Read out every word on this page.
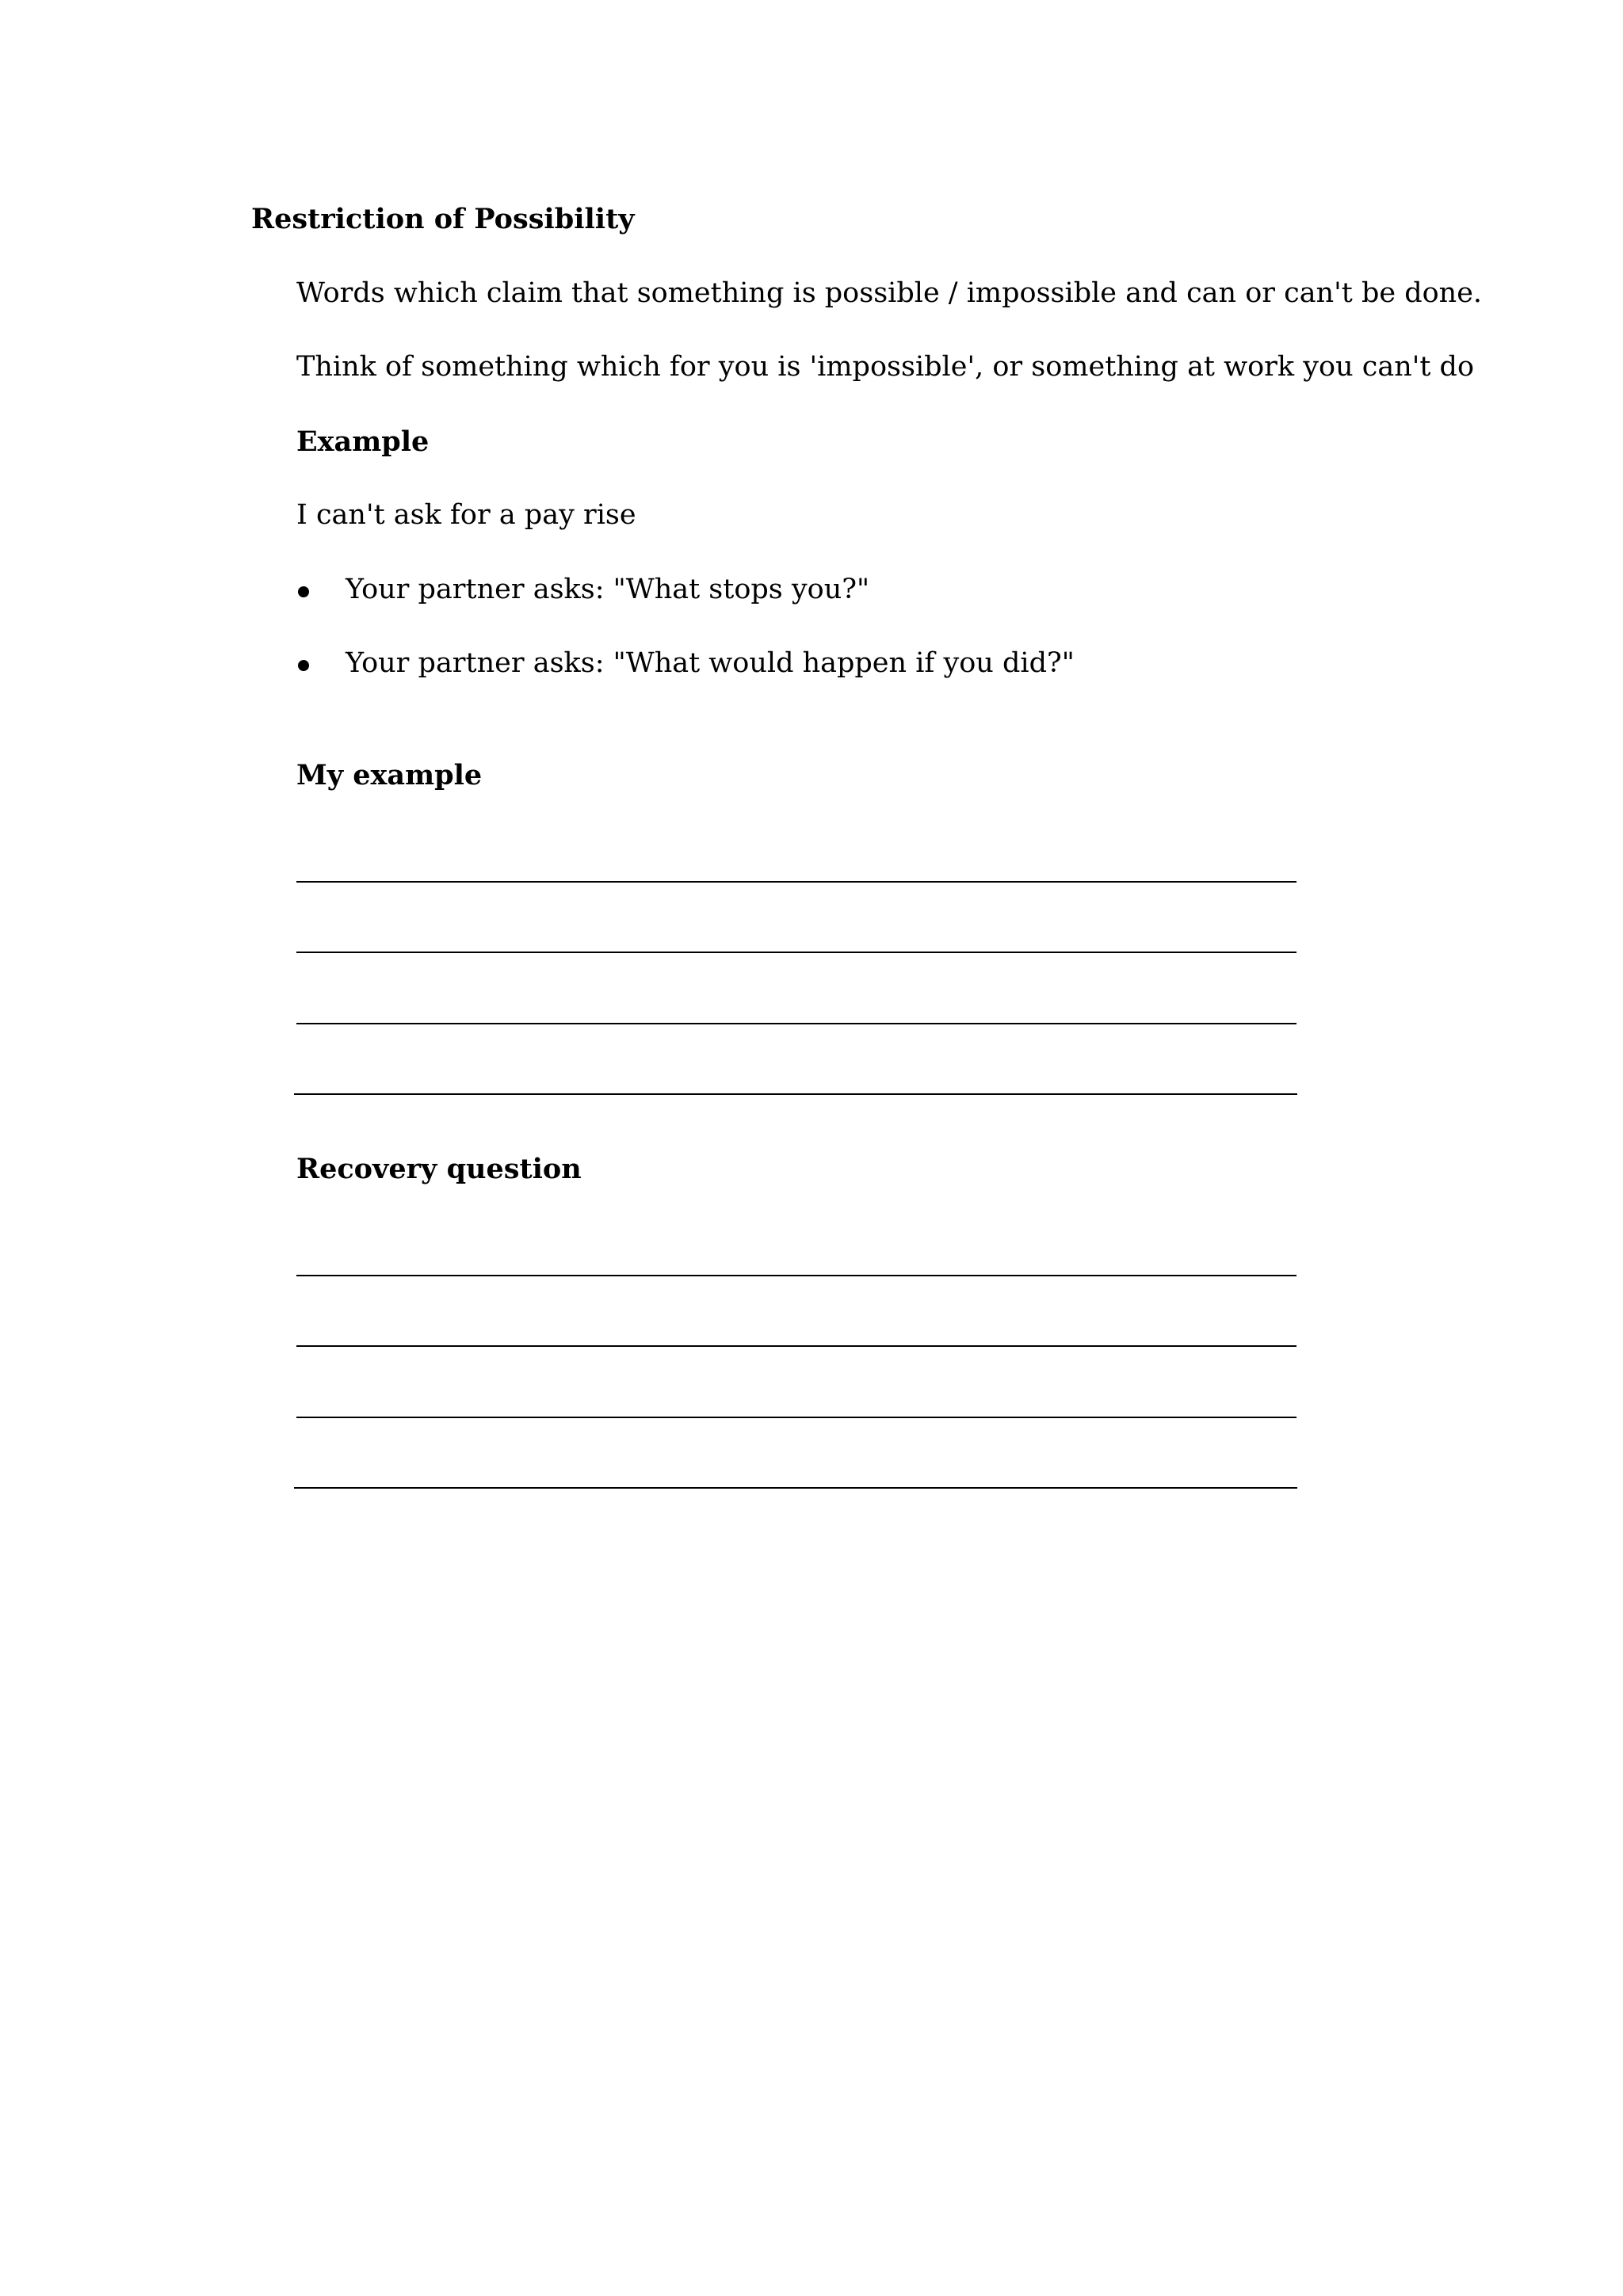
Restriction of Possibility
Words which claim that something is possible / impossible and can or can't be done.
Think of something which for you is 'impossible', or something at work you can't do
Example
I can't ask for a pay rise
Your partner asks: "What stops you?"
Your partner asks: "What would happen if you did?"
My example
Recovery question
